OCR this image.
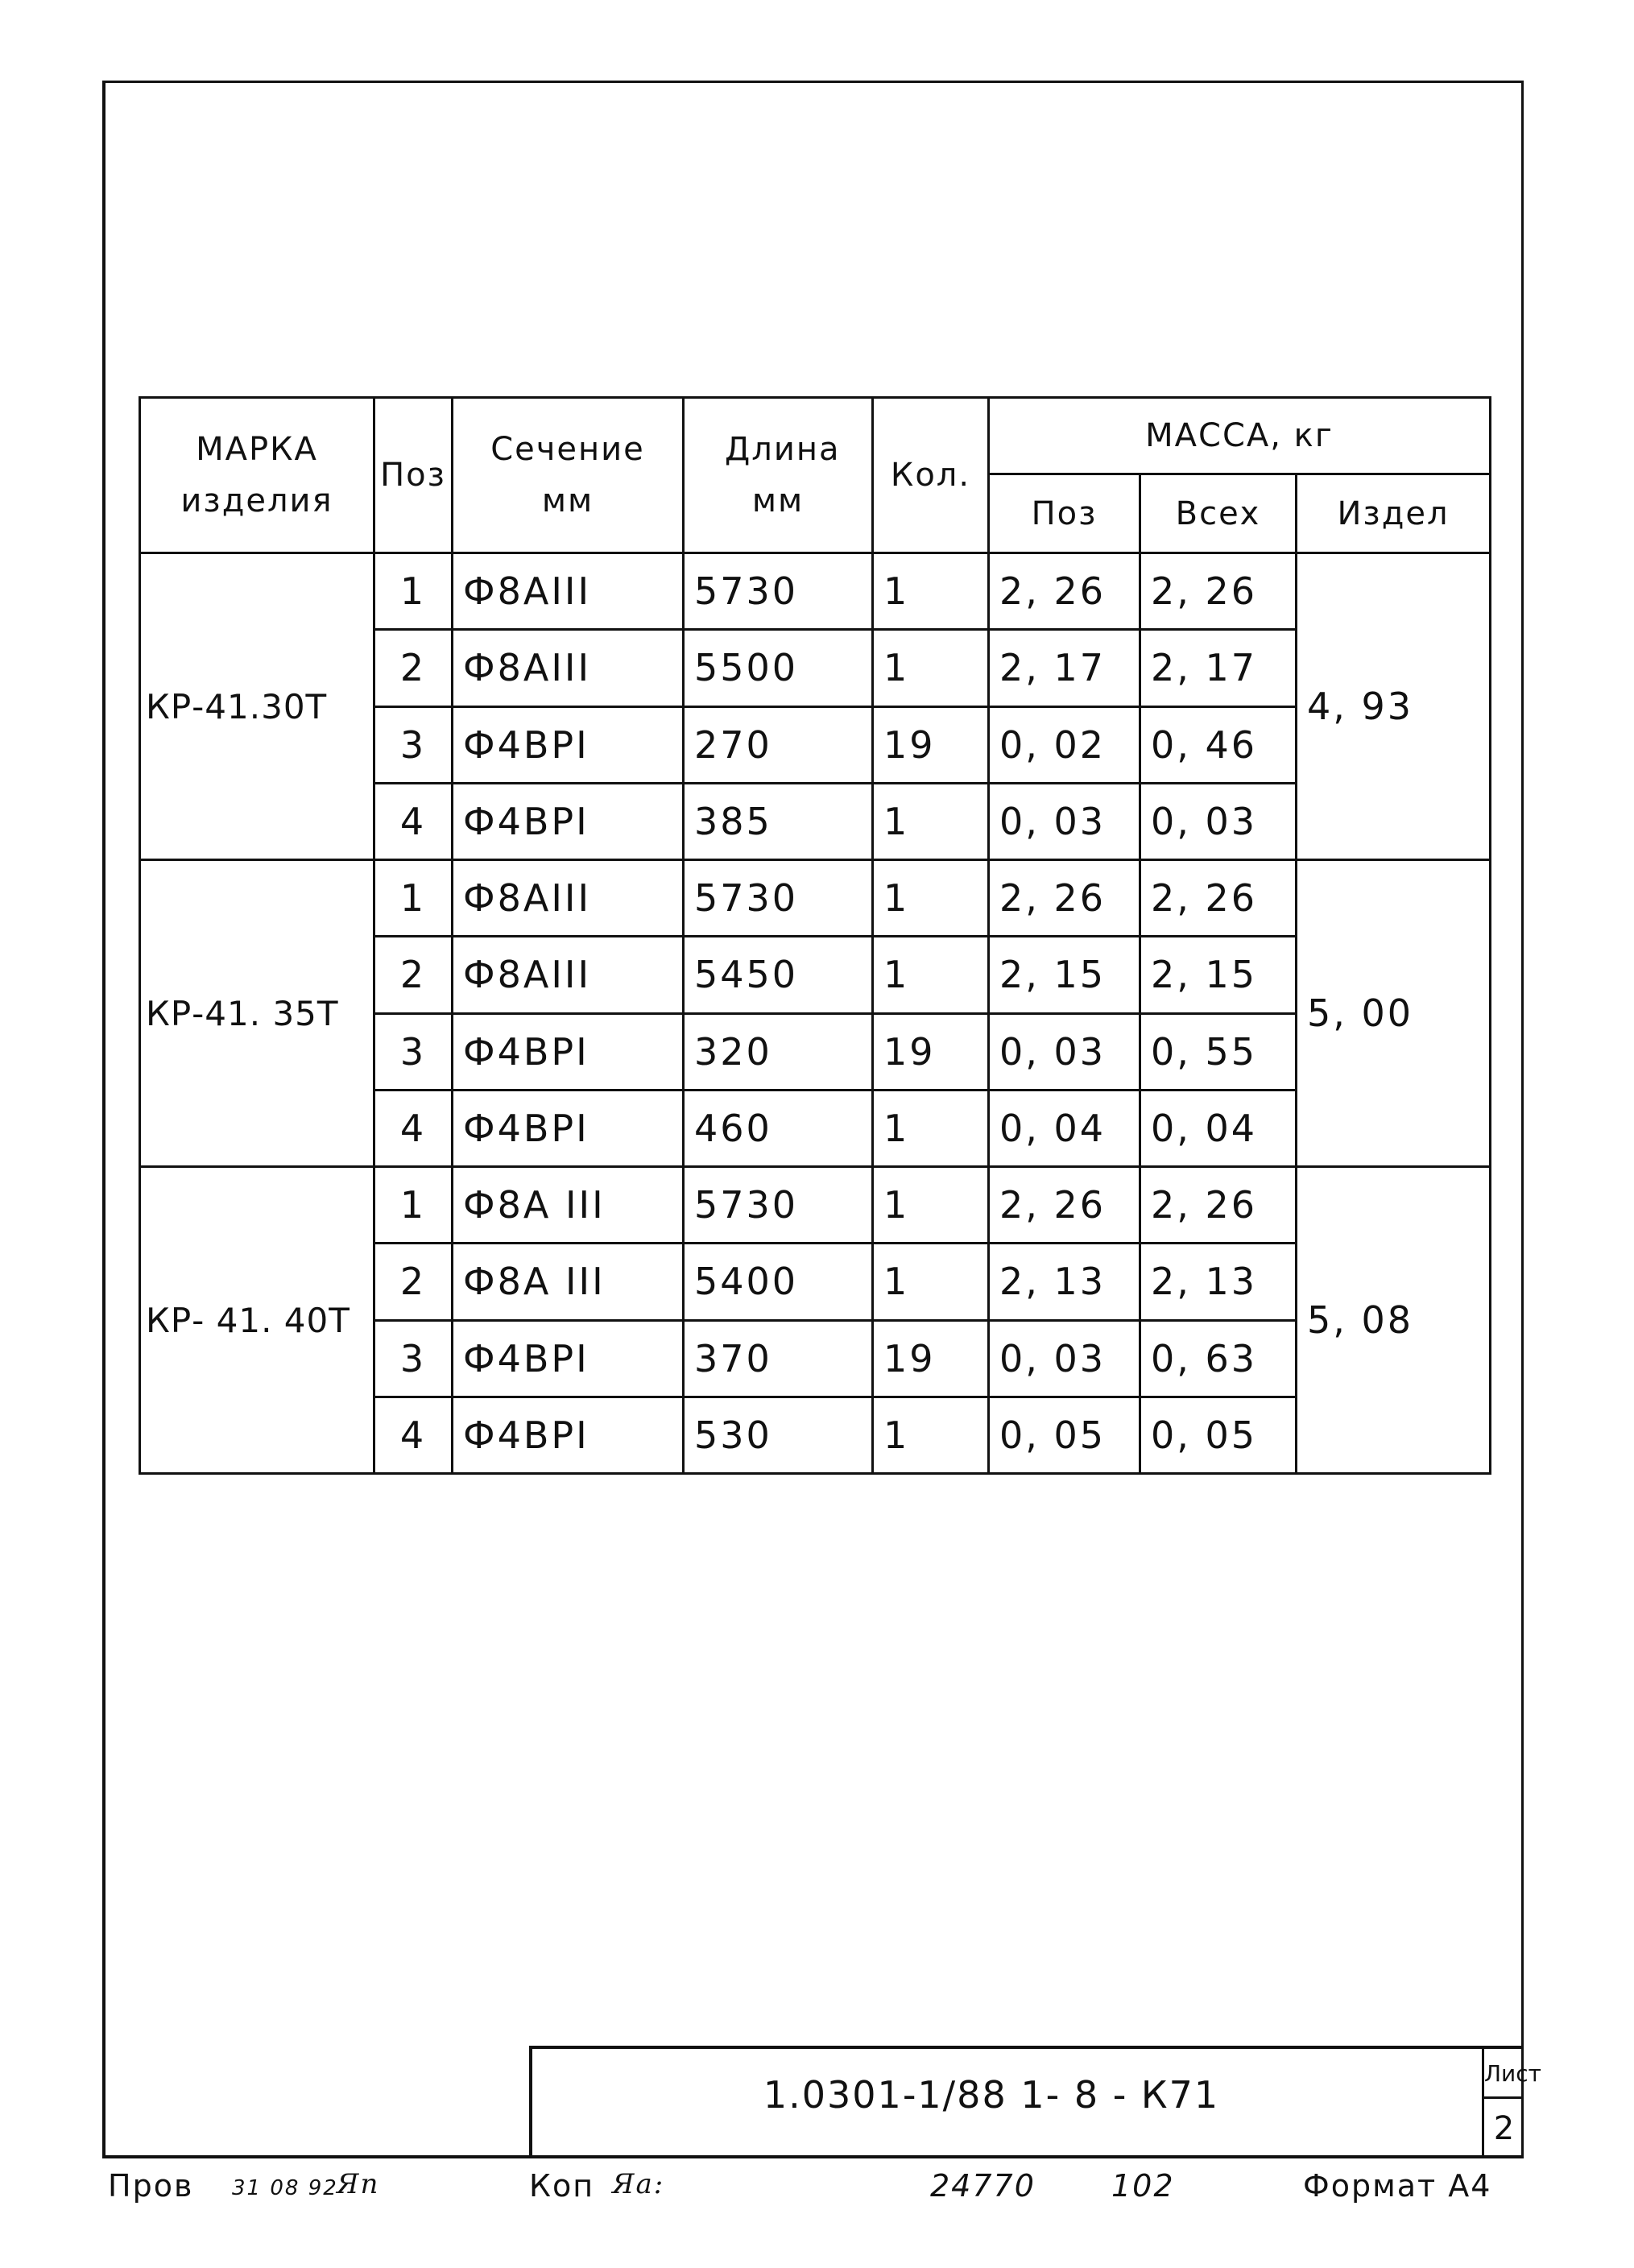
МАРКА изделия	Поз	Сечение мм	Длина мм	Кол.	МАССА, кг		
					Поз	Всех	Издел
КР-41.30Т	1	Ф8АIII	5730	1	2, 26	2, 26	4, 93
	2	Ф8АIII	5500	1	2, 17	2, 17	
	3	Ф4ВРI	270	19	0, 02	0, 46	
	4	Ф4ВРI	385	1	0, 03	0, 03	
КР-41. 35Т	1	Ф8АIII	5730	1	2, 26	2, 26	5, 00
	2	Ф8АIII	5450	1	2, 15	2, 15	
	3	Ф4ВРI	320	19	0, 03	0, 55	
	4	Ф4ВРI	460	1	0, 04	0, 04	
КР- 41. 40Т	1	Ф8А III	5730	1	2, 26	2, 26	5, 08
	2	Ф8А III	5400	1	2, 13	2, 13	
	3	Ф4ВРI	370	19	0, 03	0, 63	
	4	Ф4ВРI	530	1	0, 05	0, 05	
1.0301-1/88 1- 8 - К71	Лист
2
Пров 31 08 92
Яп	Коп Яа:	24770 102	Формат А4
